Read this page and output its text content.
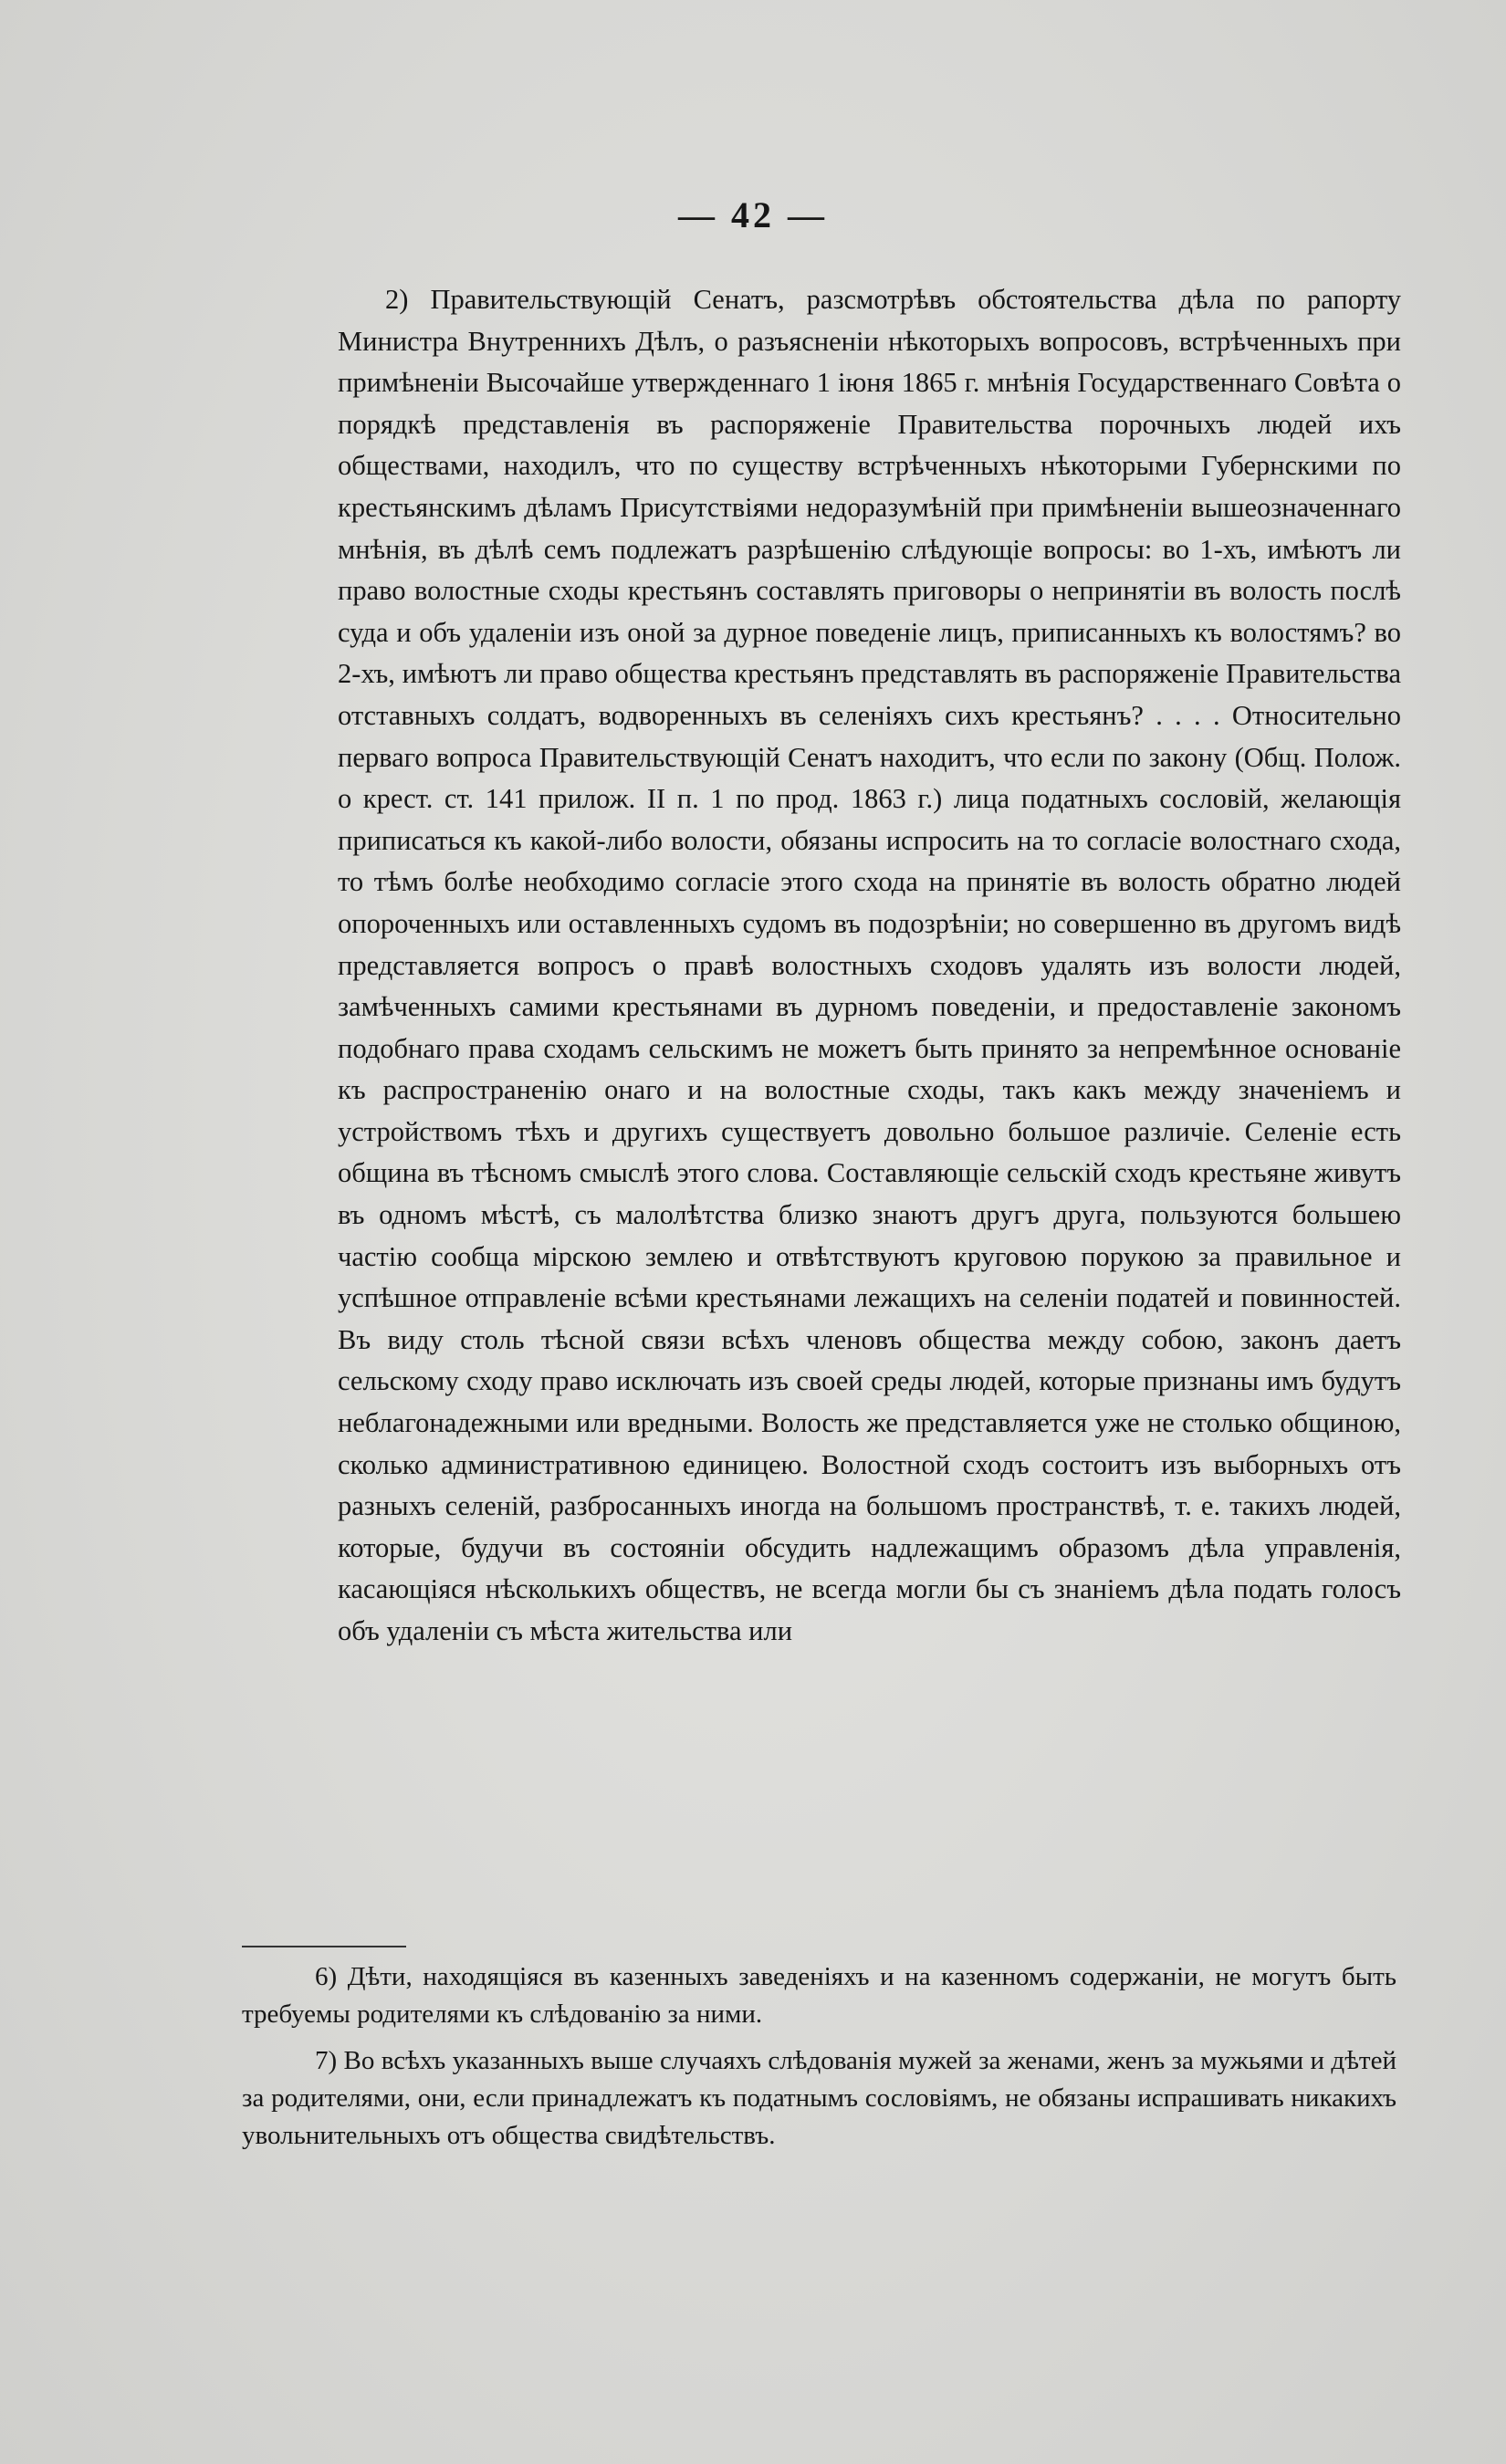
— 42 —

2) Правительствующій Сенатъ, разсмотрѣвъ обстоятельства дѣла по рапорту Министра Внутреннихъ Дѣлъ, о разъясненіи нѣкоторыхъ вопросовъ, встрѣченныхъ при примѣненіи Высочайше утвержденнаго 1 іюня 1865 г. мнѣнія Государственнаго Совѣта о порядкѣ представленія въ распоряженіе Правительства порочныхъ людей ихъ обществами, находилъ, что по существу встрѣченныхъ нѣкоторыми Губернскими по крестьянскимъ дѣламъ Присутствіями недоразумѣній при примѣненіи вышеозначеннаго мнѣнія, въ дѣлѣ семъ подлежатъ разрѣшенію слѣдующіе вопросы: во 1-хъ, имѣютъ ли право волостные сходы крестьянъ составлять приговоры о непринятіи въ волость послѣ суда и объ удаленіи изъ оной за дурное поведеніе лицъ, приписанныхъ къ волостямъ? во 2-хъ, имѣютъ ли право общества крестьянъ представлять въ распоряженіе Правительства отставныхъ солдатъ, водворенныхъ въ селеніяхъ сихъ крестьянъ? . . . . Относительно перваго вопроса Правительствующій Сенатъ находитъ, что если по закону (Общ. Полож. о крест. ст. 141 прилож. II п. 1 по прод. 1863 г.) лица податныхъ сословій, желающія приписаться къ какой-либо волости, обязаны испросить на то согласіе волостнаго схода, то тѣмъ болѣе необходимо согласіе этого схода на принятіе въ волость обратно людей опороченныхъ или оставленныхъ судомъ въ подозрѣніи; но совершенно въ другомъ видѣ представляется вопросъ о правѣ волостныхъ сходовъ удалять изъ волости людей, замѣченныхъ самими крестьянами въ дурномъ поведеніи, и предоставленіе закономъ подобнаго права сходамъ сельскимъ не можетъ быть принято за непремѣнное основаніе къ распространенію онаго и на волостные сходы, такъ какъ между значеніемъ и устройствомъ тѣхъ и другихъ существуетъ довольно большое различіе. Селеніе есть община въ тѣсномъ смыслѣ этого слова. Составляющіе сельскій сходъ крестьяне живутъ въ одномъ мѣстѣ, съ малолѣтства близко знаютъ другъ друга, пользуются большею частію сообща мірскою землею и отвѣтствуютъ круговою порукою за правильное и успѣшное отправленіе всѣми крестьянами лежащихъ на селеніи податей и повинностей. Въ виду столь тѣсной связи всѣхъ членовъ общества между собою, законъ даетъ сельскому сходу право исключать изъ своей среды людей, которые признаны имъ будутъ неблагонадежными или вредными. Волость же представляется уже не столько общиною, сколько административною единицею. Волостной сходъ состоитъ изъ выборныхъ отъ разныхъ селеній, разбросанныхъ иногда на большомъ пространствѣ, т. е. такихъ людей, которые, будучи въ состояніи обсудить надлежащимъ образомъ дѣла управленія, касающіяся нѣсколькихъ обществъ, не всегда могли бы съ знаніемъ дѣла подать голосъ объ удаленіи съ мѣста жительства или

6) Дѣти, находящіяся въ казенныхъ заведеніяхъ и на казенномъ содержаніи, не могутъ быть требуемы родителями къ слѣдованію за ними.

7) Во всѣхъ указанныхъ выше случаяхъ слѣдованія мужей за женами, женъ за мужьями и дѣтей за родителями, они, если принадлежатъ къ податнымъ сословіямъ, не обязаны испрашивать никакихъ увольнительныхъ отъ общества свидѣтельствъ.
